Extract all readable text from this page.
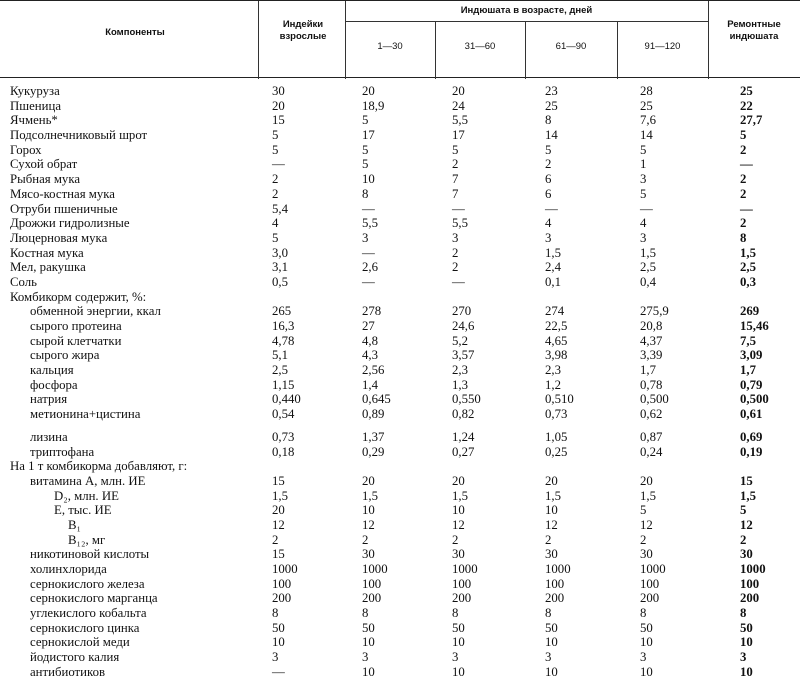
Компоненты
Индейки взрослые
Индюшата в возрасте, дней
1—30	31—60	61—90	91—120
Ремонтные индюшата
Кукуруза	30	20	20	23	28	25
Пшеница	20	18,9	24	25	25	22
Ячмень*	15	5	5,5	8	7,6	27,7
Подсолнечниковый шрот	5	17	17	14	14	5
Горох	5	5	5	5	5	2
Сухой обрат	—	5	2	2	1	—
Рыбная мука	2	10	7	6	3	2
Мясо-костная мука	2	8	7	6	5	2
Отруби пшеничные	5,4	—	—	—	—	—
Дрожжи гидролизные	4	5,5	5,5	4	4	2
Люцерновая мука	5	3	3	3	3	8
Костная мука	3,0	—	2	1,5	1,5	1,5
Мел, ракушка	3,1	2,6	2	2,4	2,5	2,5
Соль	0,5	—	—	0,1	0,4	0,3
Комбикорм содержит, %:
обменной энергии, ккал	265	278	270	274	275,9	269
сырого протеина	16,3	27	24,6	22,5	20,8	15,46
сырой клетчатки	4,78	4,8	5,2	4,65	4,37	7,5
сырого жира	5,1	4,3	3,57	3,98	3,39	3,09
кальция	2,5	2,56	2,3	2,3	1,7	1,7
фосфора	1,15	1,4	1,3	1,2	0,78	0,79
натрия	0,440	0,645	0,550	0,510	0,500	0,500
метионина+цистина	0,54	0,89	0,82	0,73	0,62	0,61
лизина	0,73	1,37	1,24	1,05	0,87	0,69
триптофана	0,18	0,29	0,27	0,25	0,24	0,19
На 1 т комбикорма добавляют, г:
витамина А, млн. ИЕ	15	20	20	20	20	15
D₂, млн. ИЕ	1,5	1,5	1,5	1,5	1,5	1,5
Е, тыс. ИЕ	20	10	10	10	5	5
B₁	12	12	12	12	12	12
B₁₂, мг	2	2	2	2	2	2
никотиновой кислоты	15	30	30	30	30	30
холинхлорида	1000	1000	1000	1000	1000	1000
сернокислого железа	100	100	100	100	100	100
сернокислого марганца	200	200	200	200	200	200
углекислого кобальта	8	8	8	8	8	8
сернокислого цинка	50	50	50	50	50	50
сернокислой меди	10	10	10	10	10	10
йодистого калия	3	3	3	3	3	3
антибиотиков	—	10	10	10	10	10
